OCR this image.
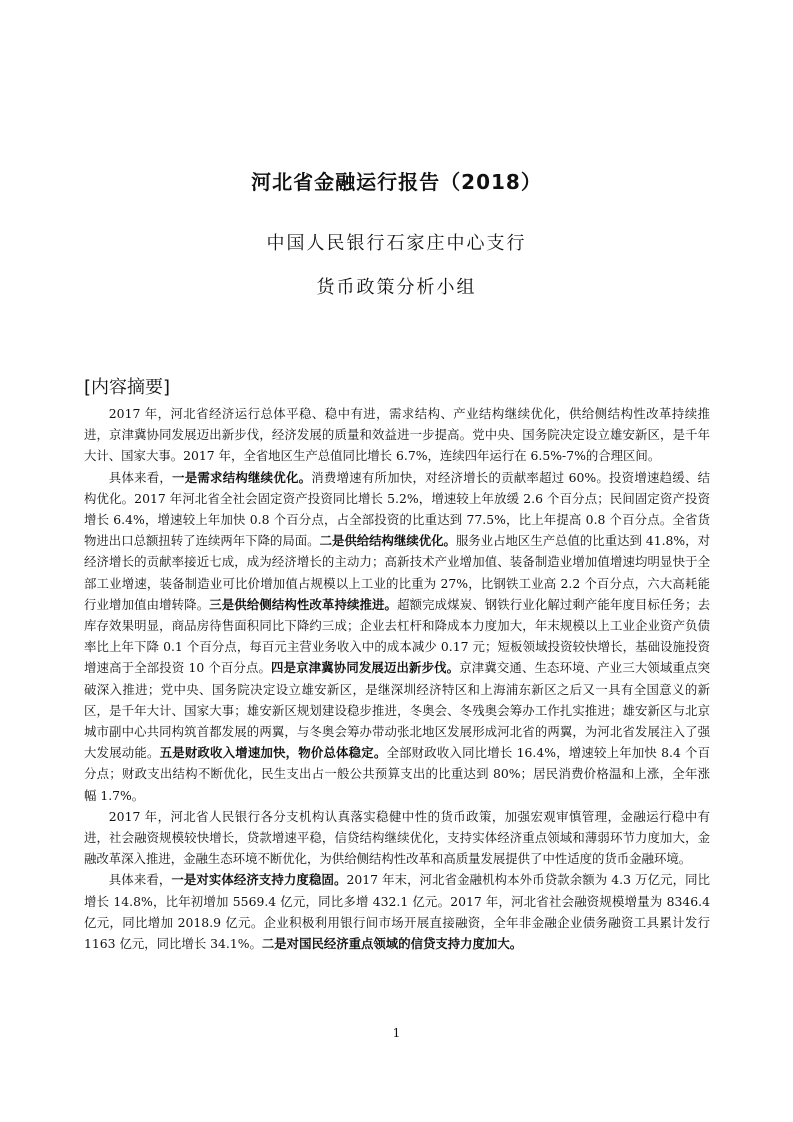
河北省金融运行报告（2018）
中国人民银行石家庄中心支行
货币政策分析小组
[内容摘要]

2017 年，河北省经济运行总体平稳、稳中有进，需求结构、产业结构继续优化，供给侧结构性改革持续推进，京津冀协同发展迈出新步伐，经济发展的质量和效益进一步提高。党中央、国务院决定设立雄安新区，是千年大计、国家大事。2017 年，全省地区生产总值同比增长 6.7%，连续四年运行在 6.5%-7%的合理区间。

具体来看，一是需求结构继续优化。消费增速有所加快，对经济增长的贡献率超过 60%。投资增速趋缓、结构优化。2017 年河北省全社会固定资产投资同比增长 5.2%，增速较上年放缓 2.6 个百分点；民间固定资产投资增长 6.4%，增速较上年加快 0.8 个百分点，占全部投资的比重达到 77.5%，比上年提高 0.8 个百分点。全省货物进出口总额扭转了连续两年下降的局面。二是供给结构继续优化。服务业占地区生产总值的比重达到 41.8%，对经济增长的贡献率接近七成，成为经济增长的主动力；高新技术产业增加值、装备制造业增加值增速均明显快于全部工业增速，装备制造业可比价增加值占规模以上工业的比重为 27%，比钢铁工业高 2.2 个百分点，六大高耗能行业增加值由增转降。三是供给侧结构性改革持续推进。超额完成煤炭、钢铁行业化解过剩产能年度目标任务；去库存效果明显，商品房待售面积同比下降约三成；企业去杠杆和降成本力度加大，年末规模以上工业企业资产负债率比上年下降 0.1 个百分点，每百元主营业务收入中的成本减少 0.17 元；短板领域投资较快增长，基础设施投资增速高于全部投资 10 个百分点。四是京津冀协同发展迈出新步伐。京津冀交通、生态环境、产业三大领域重点突破深入推进；党中央、国务院决定设立雄安新区，是继深圳经济特区和上海浦东新区之后又一具有全国意义的新区，是千年大计、国家大事；雄安新区规划建设稳步推进，冬奥会、冬残奥会筹办工作扎实推进；雄安新区与北京城市副中心共同构筑首都发展的两翼，与冬奥会筹办带动张北地区发展形成河北省的两翼，为河北省发展注入了强大发展动能。五是财政收入增速加快，物价总体稳定。全部财政收入同比增长 16.4%，增速较上年加快 8.4 个百分点；财政支出结构不断优化，民生支出占一般公共预算支出的比重达到 80%；居民消费价格温和上涨，全年涨幅 1.7%。

2017 年，河北省人民银行各分支机构认真落实稳健中性的货币政策，加强宏观审慎管理，金融运行稳中有进，社会融资规模较快增长，贷款增速平稳，信贷结构继续优化，支持实体经济重点领域和薄弱环节力度加大，金融改革深入推进，金融生态环境不断优化，为供给侧结构性改革和高质量发展提供了中性适度的货币金融环境。

具体来看，一是对实体经济支持力度稳固。2017 年末，河北省金融机构本外币贷款余额为 4.3 万亿元，同比增长 14.8%，比年初增加 5569.4 亿元，同比多增 432.1 亿元。2017 年，河北省社会融资规模增量为 8346.4 亿元，同比增加 2018.9 亿元。企业积极利用银行间市场开展直接融资，全年非金融企业债务融资工具累计发行 1163 亿元，同比增长 34.1%。二是对国民经济重点领域的信贷支持力度加大。

1
